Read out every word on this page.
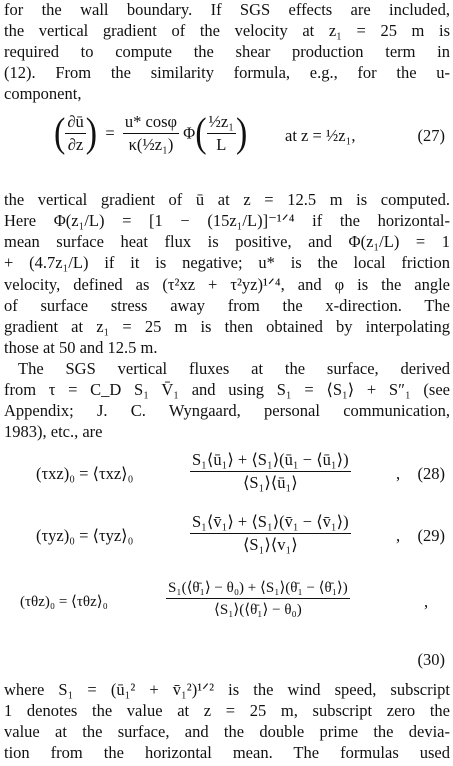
for the wall boundary. If SGS effects are included,
the vertical gradient of the velocity at z₁ = 25 m is
required to compute the shear production term in
(12). From the similarity formula, e.g., for the u-
component,
( $\frac{\partial ū}{\partial z}$ )  = $\frac{u* \cos\varphi}{\text{κ(½z₁)}} \Phi( \frac{\text{½z₁}}{L}$ ) at z = ½z₁,	(27)
the vertical gradient of ū at z = 12.5 m is computed.
Here Φ(z₁/L) = [1 − (15z₁/L)]⁻¹ᐟ⁴ if the horizontal-
mean surface heat flux is positive, and Φ(z₁/L) = 1
+ (4.7z₁/L) if it is negative; u* is the local friction
velocity, defined as (τ²xz + τ²yz)¹ᐟ⁴, and φ is the angle
of surface stress away from the x-direction. The
gradient at z₁ = 25 m is then obtained by interpolating
those at 50 and 12.5 m.
The SGS vertical fluxes at the surface, derived
from τ = C_D S₁ V̄₁ and using S₁ = ⟨S₁⟩ + S″₁ (see
Appendix; J. C. Wyngaard, personal communication,
1983), etc., are
(τxz)₀ = ⟨τxz⟩₀	$\frac{\text{S₁⟨ū₁⟩ + ⟨S₁⟩(ū₁ − ⟨ū₁⟩)}}{\text{⟨S₁⟩⟨ū₁⟩}}$	, (28)
(τyz)₀ = ⟨τyz⟩₀	$\frac{\text{S₁⟨v̄₁⟩ + ⟨S₁⟩(v̄₁ − ⟨v̄₁⟩)}}{\text{⟨S₁⟩⟨v₁⟩}}$	, (29)
(τθz)₀ = ⟨τθz⟩₀	$\frac{\text{S₁(⟨θ̄₁⟩ − θ₀) + ⟨S₁⟩(θ̄₁ − ⟨θ̄₁⟩)}}{\text{⟨S₁⟩(⟨θ̄₁⟩ − θ₀)}}$	,
(30)
where S₁ = (ū₁² + v̄₁²)¹ᐟ² is the wind speed, subscript
1 denotes the value at z = 25 m, subscript zero the
value at the surface, and the double prime the devia-
tion from the horizontal mean. The formulas used
